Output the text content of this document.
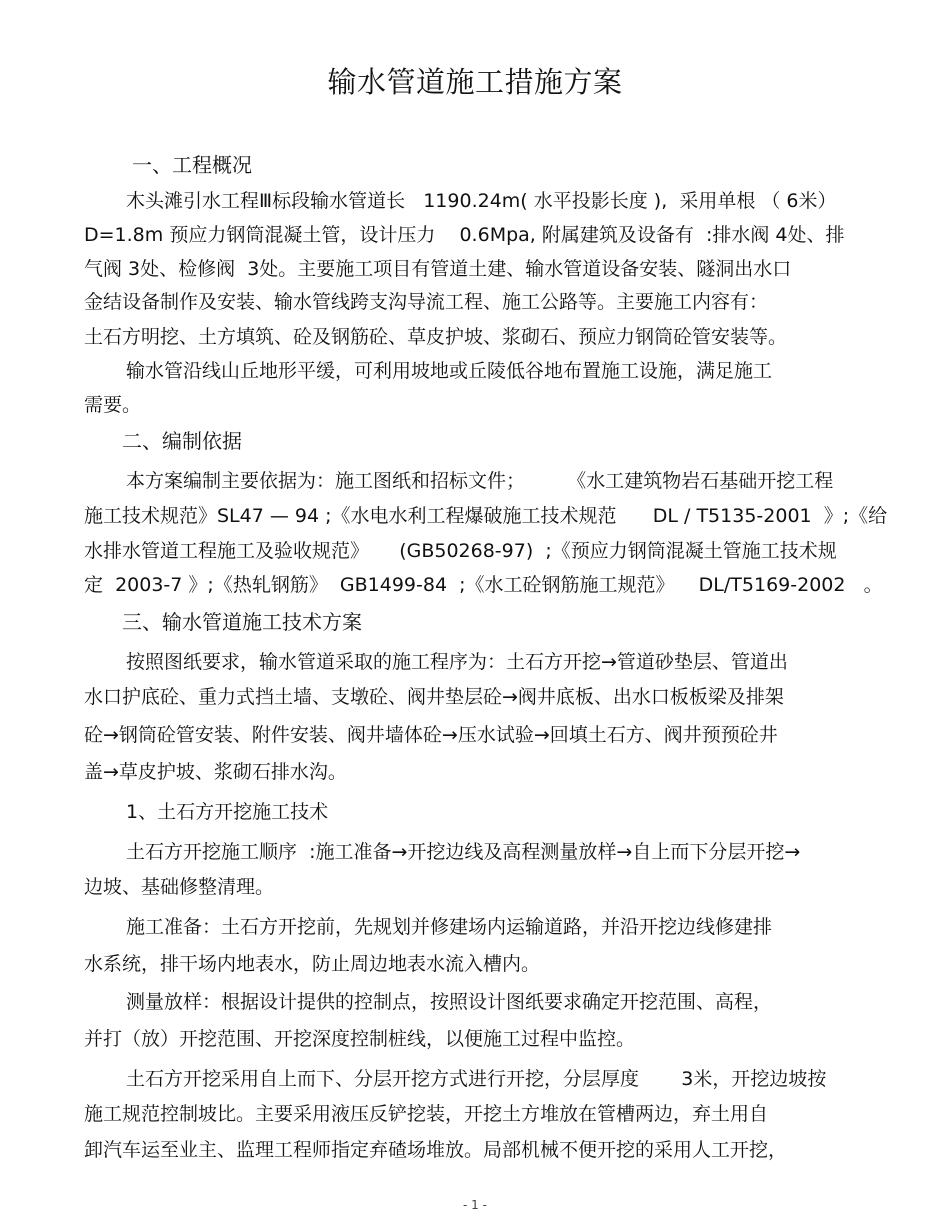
输水管道施工措施方案
一、工程概况
木头滩引水工程Ⅲ标段输水管道长   1190.24m( 水平投影长度 ),  采用单根 （ 6米）
D=1.8m 预应力钢筒混凝土管，设计压力    0.6Mpa, 附属建筑及设备有  :排水阀 4处、排
气阀 3处、检修阀  3处。主要施工项目有管道土建、输水管道设备安装、隧洞出水口
金结设备制作及安装、输水管线跨支沟导流工程、施工公路等。主要施工内容有：
土石方明挖、土方填筑、砼及钢筋砼、草皮护坡、浆砌石、预应力钢筒砼管安装等。
输水管沿线山丘地形平缓，可利用坡地或丘陵低谷地布置施工设施，满足施工
需要。
二、编制依据
本方案编制主要依据为：施工图纸和招标文件；       《水工建筑物岩石基础开挖工程
施工技术规范》SL47 — 94 ;《水电水利工程爆破施工技术规范      DL / T5135-2001  》;《给
水排水管道工程施工及验收规范》     (GB50268-97)  ;《预应力钢筒混凝土管施工技术规
定  2003-7 》;《热轧钢筋》  GB1499-84  ;《水工砼钢筋施工规范》    DL/T5169-2002   。
三、输水管道施工技术方案
按照图纸要求，输水管道采取的施工程序为：土石方开挖→管道砂垫层、管道出
水口护底砼、重力式挡土墙、支墩砼、阀井垫层砼→阀井底板、出水口板板梁及排架
砼→钢筒砼管安装、附件安装、阀井墙体砼→压水试验→回填土石方、阀井预预砼井
盖→草皮护坡、浆砌石排水沟。
1、土石方开挖施工技术
土石方开挖施工顺序  :施工准备→开挖边线及高程测量放样→自上而下分层开挖→
边坡、基础修整清理。
施工准备：土石方开挖前，先规划并修建场内运输道路，并沿开挖边线修建排
水系统，排干场内地表水，防止周边地表水流入槽内。
测量放样：根据设计提供的控制点，按照设计图纸要求确定开挖范围、高程，
并打（放）开挖范围、开挖深度控制桩线，以便施工过程中监控。
土石方开挖采用自上而下、分层开挖方式进行开挖，分层厚度       3米，开挖边坡按
施工规范控制坡比。主要采用液压反铲挖装，开挖土方堆放在管槽两边，弃土用自
卸汽车运至业主、监理工程师指定弃碴场堆放。局部机械不便开挖的采用人工开挖，
- 1 -
